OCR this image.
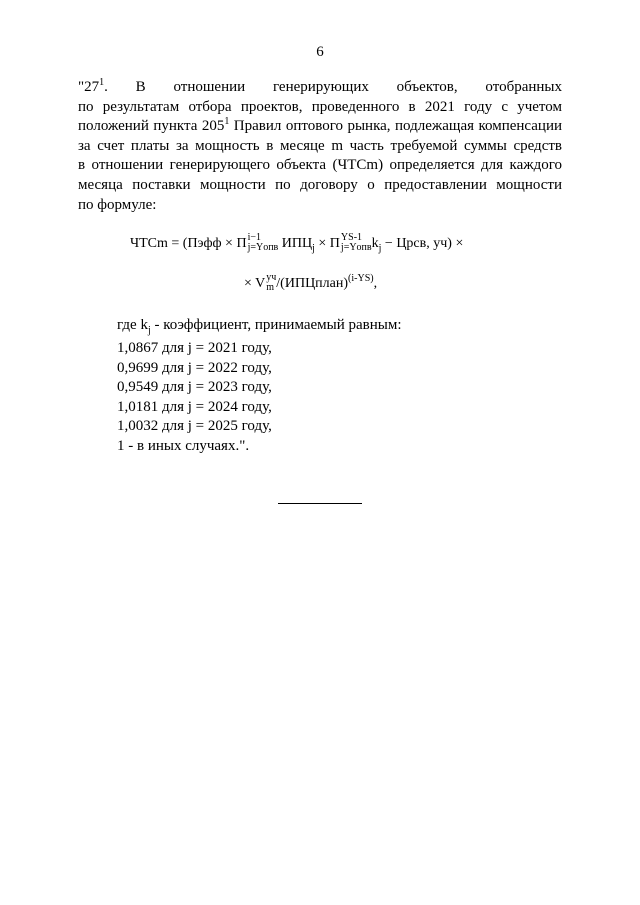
6
"$27^1$. В отношении генерирующих объектов, отобранных
по результатам отбора проектов, проведенного в 2021 году с учетом
положений пункта $205^1$ Правил оптового рынка, подлежащая компенсации
за счет платы за мощность в месяце m часть требуемой суммы средств
в отношении генерирующего объекта (ЧТСm) определяется для каждого
месяца поставки мощности по договору о предоставлении мощности
по формуле:
ЧТСm = (Пэфф × П i−1
j=Yопв $ИПЦ_j \times П$ YS-1
j=Yопв $k_j$ − Црсв, уч) ×
× V уч
m /(ИПЦплан)$^{(i-YS)}$,
где $k_j$ - коэффициент, принимаемый равным:
1,0867 для j = 2021 году,
0,9699 для j = 2022 году,
0,9549 для j = 2023 году,
1,0181 для j = 2024 году,
1,0032 для j = 2025 году,
1 - в иных случаях.".
